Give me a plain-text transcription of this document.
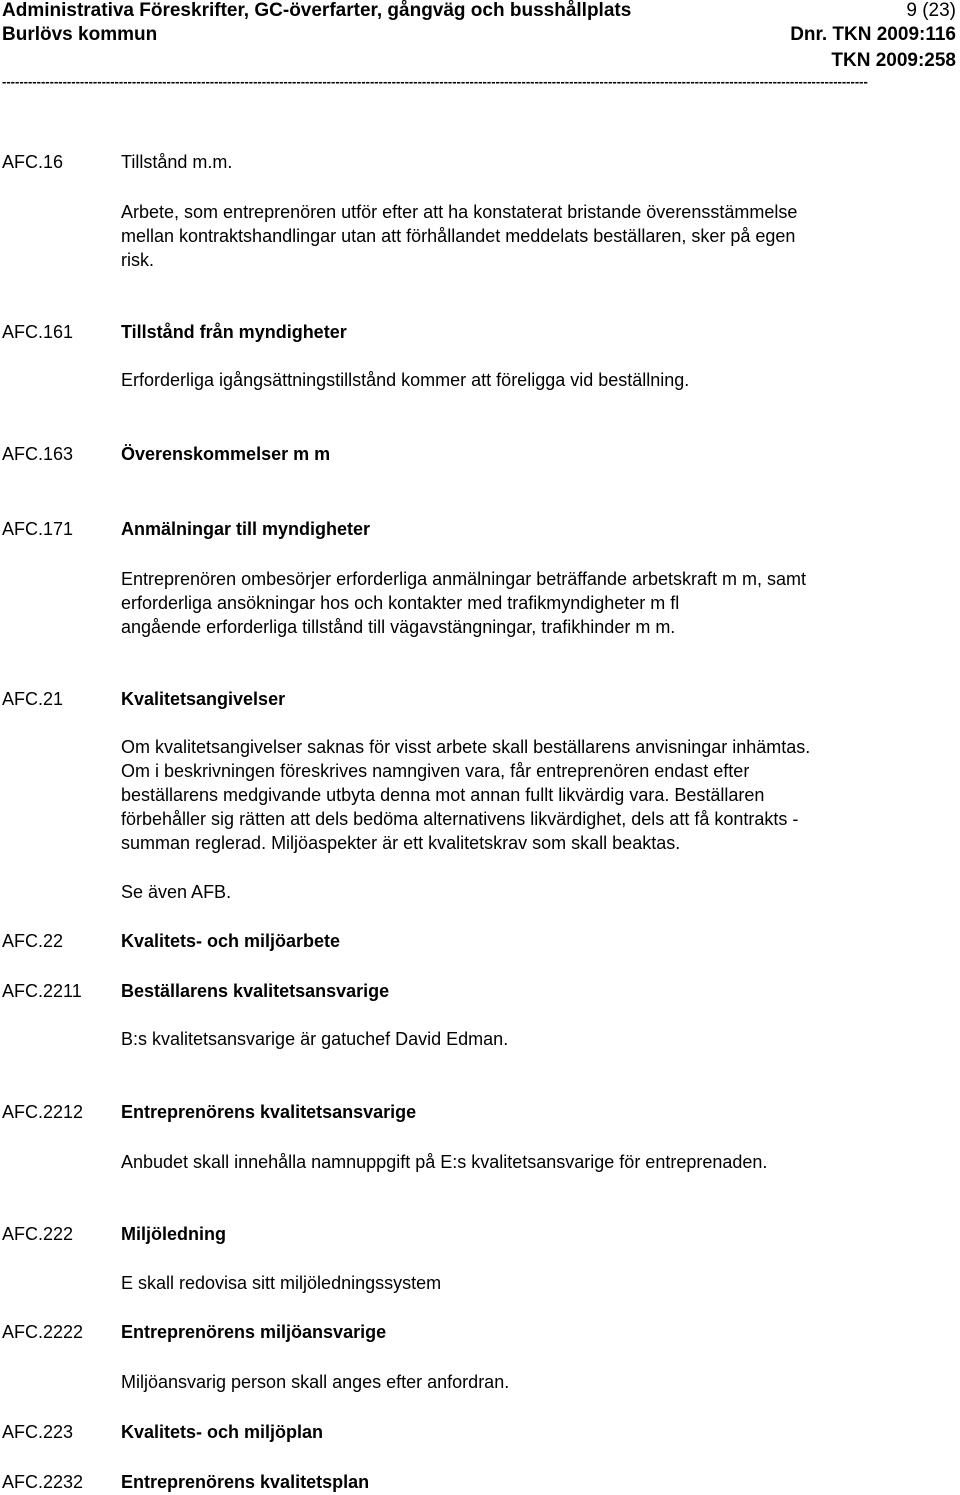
Administrativa Föreskrifter, GC-överfarter, gångväg och busshållplats	9 (23)
Burlövs kommun	Dnr. TKN 2009:116
TKN 2009:258
--------------------------------------------------------------------------------------------------------------------------------------------------------------------------------------------------------
AFC.16	Tillstånd m.m.
Arbete, som entreprenören utför efter att ha konstaterat bristande överensstämmelse
mellan kontraktshandlingar utan att förhållandet meddelats beställaren, sker på egen
risk.
AFC.161	Tillstånd från myndigheter
Erforderliga igångsättningstillstånd kommer att föreligga vid beställning.
AFC.163	Överenskommelser m m
AFC.171	Anmälningar till myndigheter
Entreprenören ombesörjer erforderliga anmälningar beträffande arbetskraft m m, samt
erforderliga ansökningar hos och kontakter med trafikmyndigheter m fl
angående erforderliga tillstånd till vägavstängningar, trafikhinder m m.
AFC.21	Kvalitetsangivelser
Om kvalitetsangivelser saknas för visst arbete skall beställarens anvisningar inhämtas.
Om i beskrivningen föreskrives namngiven vara, får entreprenören endast efter
beställarens medgivande utbyta denna mot annan fullt likvärdig vara. Beställaren
förbehåller sig rätten att dels bedöma alternativens likvärdighet, dels att få kontrakts -
summan reglerad. Miljöaspekter är ett kvalitetskrav som skall beaktas.
Se även AFB.
AFC.22	Kvalitets- och miljöarbete
AFC.2211 Beställarens kvalitetsansvarige
B:s kvalitetsansvarige är gatuchef David Edman.
AFC.2212 Entreprenörens kvalitetsansvarige
Anbudet skall innehålla namnuppgift på E:s kvalitetsansvarige för entreprenaden.
AFC.222	Miljöledning
E skall redovisa sitt miljöledningssystem
AFC.2222 Entreprenörens miljöansvarige
Miljöansvarig person skall anges efter anfordran.
AFC.223	Kvalitets- och miljöplan
AFC.2232 Entreprenörens kvalitetsplan
